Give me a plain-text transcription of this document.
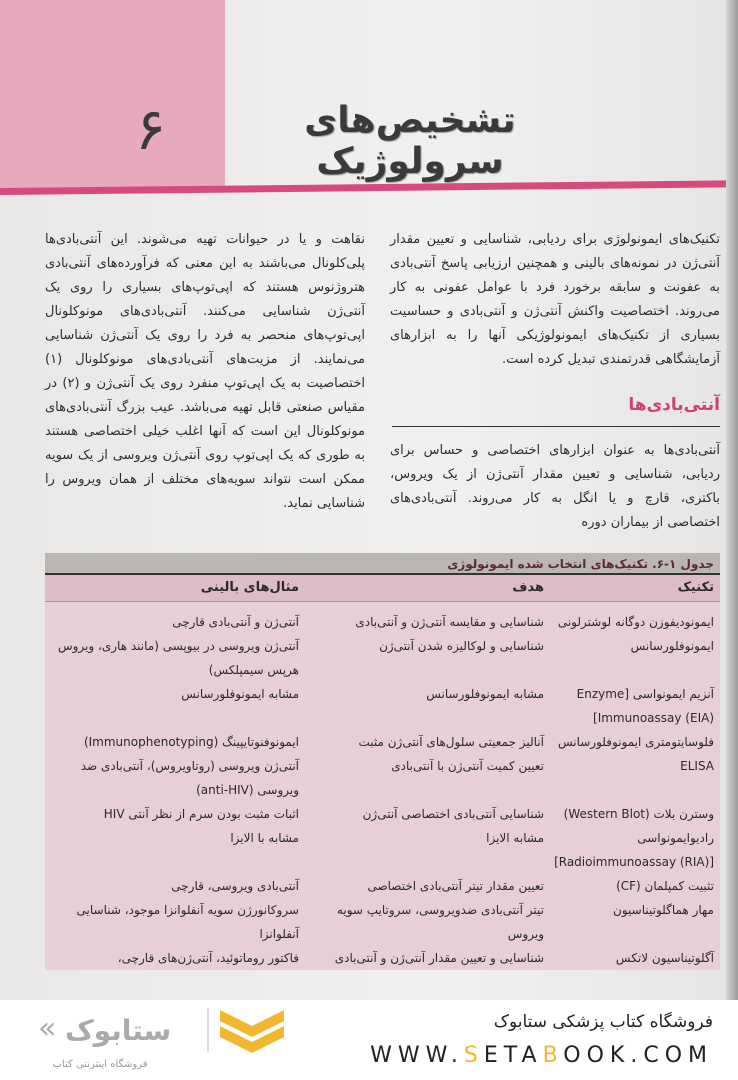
۶	تشخیص‌های سرولوژیک
تکنیک‌های ایمونولوژی برای ردیابی، شناسایی و تعیین مقدار آنتی‌ژن در نمونه‌های بالینی و همچنین ارزیابی پاسخ آنتی‌بادی به عفونت و سابقه برخورد فرد با عوامل عفونی به کار می‌روند. اختصاصیت واکنش آنتی‌ژن و آنتی‌بادی و حساسیت بسیاری از تکنیک‌های ایمونولوژیکی آنها را به ابزارهای آزمایشگاهی قدرتمندی تبدیل کرده است.
آنتی‌بادی‌ها
آنتی‌بادی‌ها به عنوان ابزارهای اختصاصی و حساس برای ردیابی، شناسایی و تعیین مقدار آنتی‌ژن از یک ویروس، باکتری، قارچ و یا انگل به کار می‌روند. آنتی‌بادی‌های اختصاصی از بیماران دوره
نقاهت و یا در حیوانات تهیه می‌شوند. این آنتی‌بادی‌ها پلی‌کلونال می‌باشند به این معنی که فرآورده‌های آنتی‌بادی هتروژنوس هستند که اپی‌توپ‌های بسیاری را روی یک آنتی‌ژن شناسایی می‌کنند. آنتی‌بادی‌های مونوکلونال اپی‌توپ‌های منحصر به فرد را روی یک آنتی‌ژن شناسایی می‌نمایند. از مزیت‌های آنتی‌بادی‌های مونوکلونال (۱) اختصاصیت به یک اپی‌توپ منفرد روی یک آنتی‌ژن و (۲) در مقیاس صنعتی قابل تهیه می‌باشد. عیب بزرگ آنتی‌بادی‌های مونوکلونال این است که آنها اغلب خیلی اختصاصی هستند به طوری که یک اپی‌توپ روی آنتی‌ژن ویروسی از یک سویه ممکن است نتواند سویه‌های مختلف از همان ویروس را شناسایی نماید.
جدول ۱-۶. تکنیک‌های انتخاب شده ایمونولوژی
تکنیک
هدف
مثال‌های بالینی
ایمونودیفوزن دوگانه لوشترلونی
شناسایی و مقایسه آنتی‌ژن و آنتی‌بادی
آنتی‌ژن و آنتی‌بادی قارچی
ایمونوفلورسانس
شناسایی و لوکالیزه شدن آنتی‌ژن
آنتی‌ژن ویروسی در بیوپسی (مانند هاری، ویروس هرپس سیمپلکس)
آنزیم ایمونواسی [Enzyme Immunoassay (EIA)]
مشابه ایمونوفلورسانس
مشابه ایمونوفلورسانس
فلوسایتومتری ایمونوفلورسانس
آنالیز جمعیتی سلول‌های آنتی‌ژن مثبت
ایمونوفنوتایپینگ (Immunophenotyping)
ELISA
تعیین کمیت آنتی‌ژن با آنتی‌بادی
آنتی‌ژن ویروسی (روتاویروس)، آنتی‌بادی ضد ویروسی (anti-HIV)
وسترن بلات (Western Blot)
شناسایی آنتی‌بادی اختصاصی آنتی‌ژن
اثبات مثبت بودن سرم از نظر آنتی HIV
رادیوایمونواسی [Radioimmunoassay (RIA)]
مشابه الایزا
مشابه با الایزا
تثبیت کمپلمان (CF)
تعیین مقدار تیتر آنتی‌بادی اختصاصی
آنتی‌بادی ویروسی، قارچی
مهار هماگلوتیناسیون
تیتر آنتی‌بادی ضدویروسی، سروتایپ سویه ویروس
سروکانورژن سویه آنفلوانزا موجود، شناسایی آنفلوانزا
آگلوتیناسیون لاتکس
شناسایی و تعیین مقدار آنتی‌ژن و آنتی‌بادی
فاکتور روماتوئید، آنتی‌ژن‌های قارچی،
« ستابوک
فروشگاه اینترنتی کتاب
فروشگاه کتاب پزشکی ستابوک
WWW.SETABOOK.COM
